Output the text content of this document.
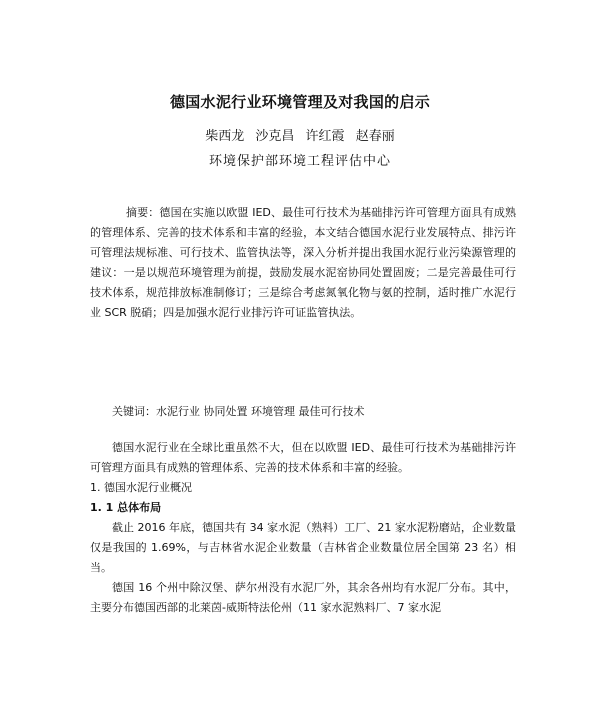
德国水泥行业环境管理及对我国的启示
柴西龙 沙克昌 许红霞 赵春丽
环境保护部环境工程评估中心
摘要：德国在实施以欧盟 IED、最佳可行技术为基础排污许可管理方面具有成熟的管理体系、完善的技术体系和丰富的经验，本文结合德国水泥行业发展特点、排污许可管理法规标准、可行技术、监管执法等，深入分析并提出我国水泥行业污染源管理的建议：一是以规范环境管理为前提，鼓励发展水泥窑协同处置固废；二是完善最佳可行技术体系，规范排放标准制修订；三是综合考虑氮氧化物与氨的控制，适时推广水泥行业 SCR 脱硝；四是加强水泥行业排污许可证监管执法。
关键词：水泥行业 协同处置 环境管理 最佳可行技术
德国水泥行业在全球比重虽然不大，但在以欧盟 IED、最佳可行技术为基础排污许可管理方面具有成熟的管理体系、完善的技术体系和丰富的经验。
1. 德国水泥行业概况
1. 1 总体布局
截止 2016 年底，德国共有 34 家水泥（熟料）工厂、21 家水泥粉磨站，企业数量仅是我国的 1.69%，与吉林省水泥企业数量（吉林省企业数量位居全国第 23 名）相当。
德国 16 个州中除汉堡、萨尔州没有水泥厂外，其余各州均有水泥厂分布。其中，主要分布德国西部的北莱茵-威斯特法伦州（11 家水泥熟料厂、7 家水泥
